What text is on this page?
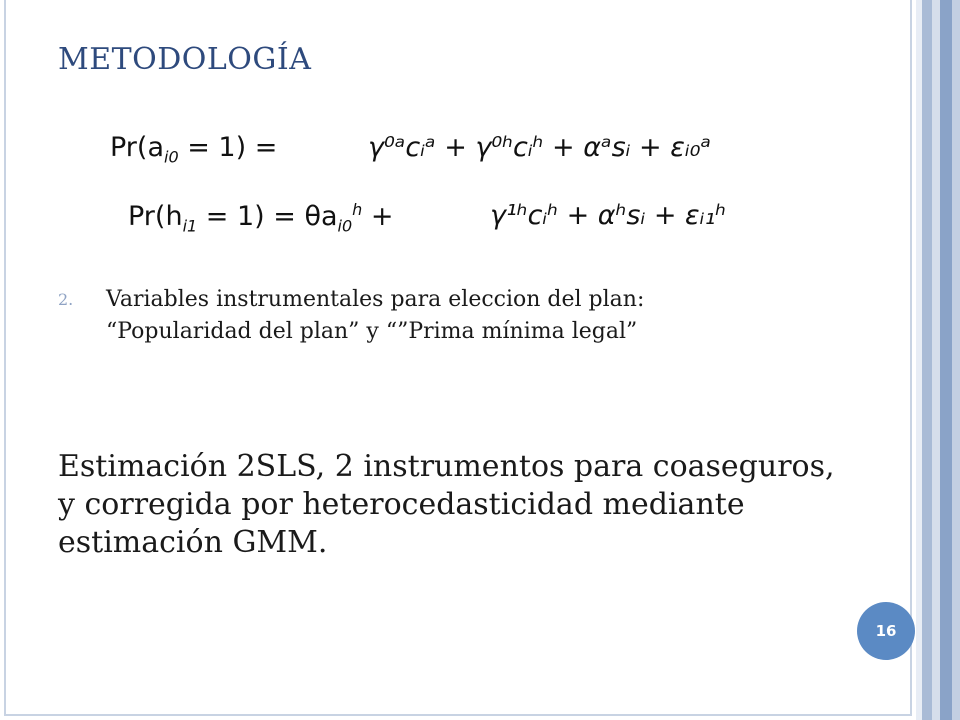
METODOLOGÍA
$Pr(a_{i0} = 1)$ =	γ⁰ᵃcᵢᵃ + γ⁰ʰcᵢʰ + αᵃsᵢ + εᵢ₀ᵃ
$Pr(h_{i1} = 1) = \theta a_{i0}^h$ +	γ¹ʰcᵢʰ + αʰsᵢ + εᵢ₁ʰ
2.	Variables instrumentales para eleccion del plan:
“Popularidad del plan” y “”Prima mínima legal”
Estimación 2SLS, 2 instrumentos para coaseguros,
y corregida por heterocedasticidad mediante
estimación GMM.
16
